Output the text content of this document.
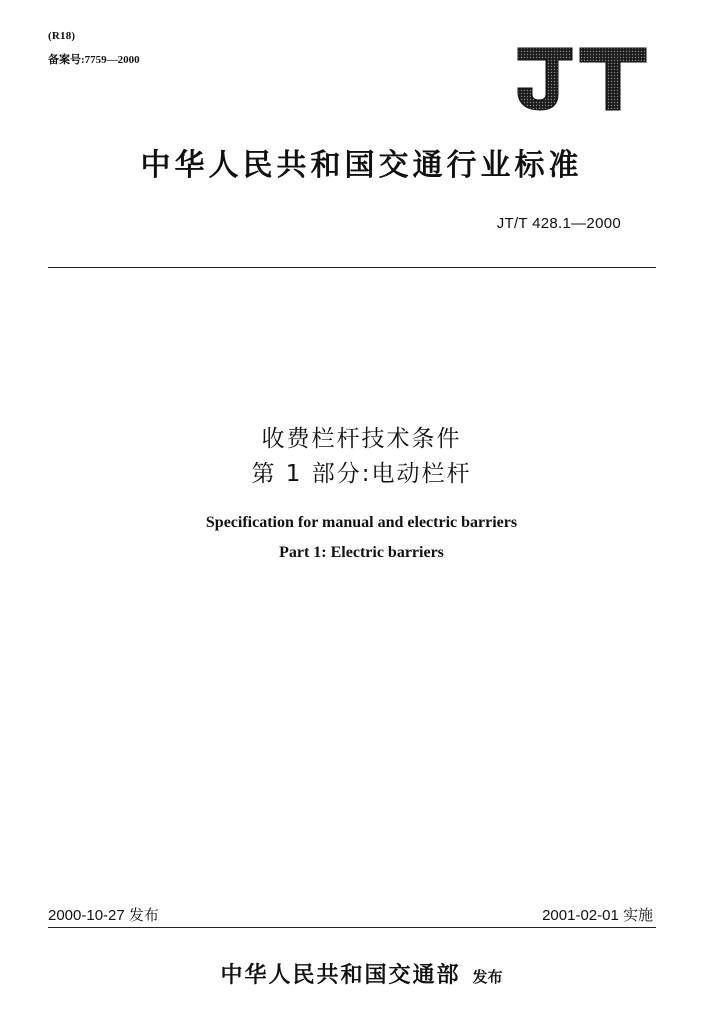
(R18)
备案号:7759—2000
中华人民共和国交通行业标准
JT/T 428.1—2000
收费栏杆技术条件
第 1 部分:电动栏杆
Specification for manual and electric barriers
Part 1: Electric barriers
2000-10-27 发布	2001-02-01 实施
中华人民共和国交通部 发布
